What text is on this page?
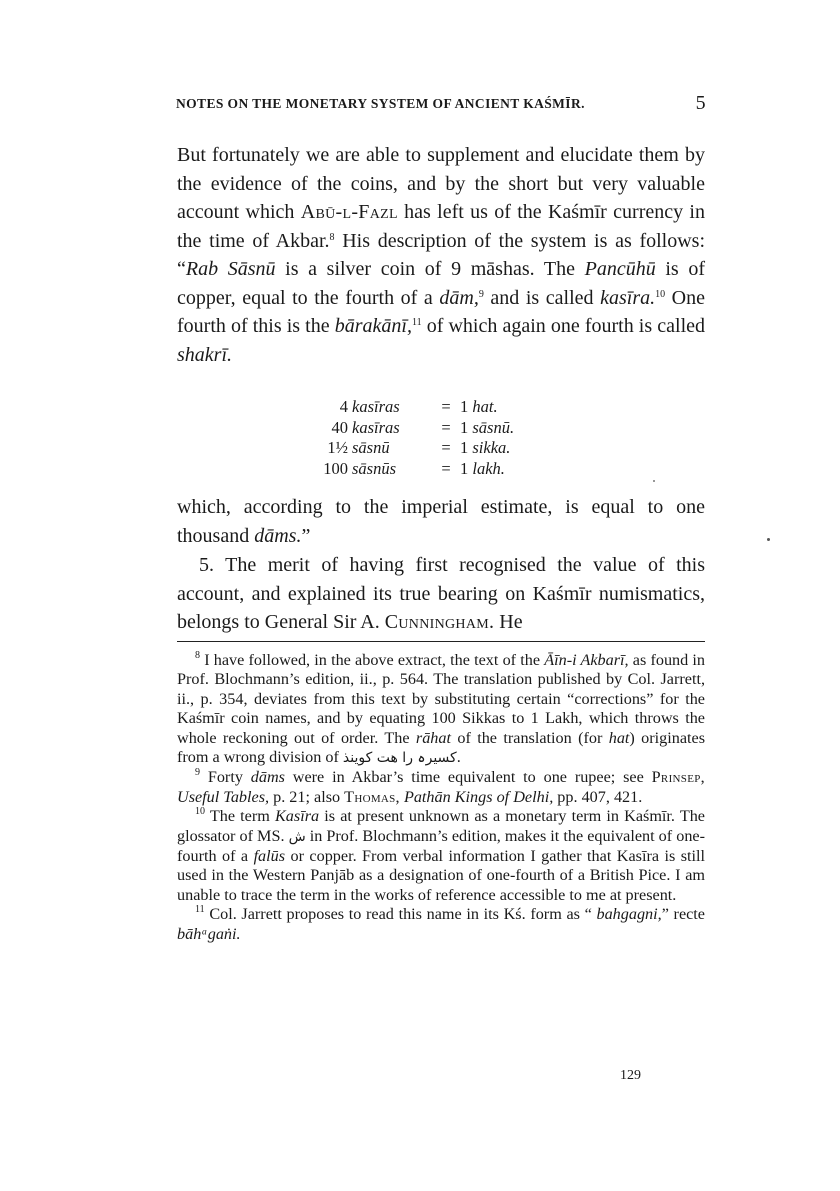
NOTES ON THE MONETARY SYSTEM OF ANCIENT KAŚMĪR.	5

But fortunately we are able to supplement and elucidate them by the evidence of the coins, and by the short but very valuable account which Abū-l-Fazl has left us of the Kaśmīr currency in the time of Akbar.$^8$ His description of the system is as follows: “Rab Sāsnū is a silver coin of 9 māshas. The Pancūhū is of copper, equal to the fourth of a dām,$^9$ and is called kasīra.$^{10}$ One fourth of this is the bārakānī,$^{11}$ of which again one fourth is called shakrī.

4 kasīras	= 1 hat.
40 kasīras	= 1 sāsnū.
1½ sāsnū	= 1 sikka.
100 sāsnūs	= 1 lakh.

which, according to the imperial estimate, is equal to one thousand dāms.”

5. The merit of having first recognised the value of this account, and explained its true bearing on Kaśmīr numismatics, belongs to General Sir A. Cunningham. He

$^8$ I have followed, in the above extract, the text of the Āīn-i Akbarī, as found in Prof. Blochmann’s edition, ii., p. 564. The translation published by Col. Jarrett, ii., p. 354, deviates from this text by substituting certain “corrections” for the Kaśmīr coin names, and by equating 100 Sikkas to 1 Lakh, which throws the whole reckoning out of order. The rāhat of the translation (for hat) originates from a wrong division of کسیرہ را ھت کوینذ.

$^9$ Forty dāms were in Akbar’s time equivalent to one rupee; see Prinsep, Useful Tables, p. 21; also Thomas, Pathān Kings of Delhi, pp. 407, 421.

$^{10}$ The term Kasīra is at present unknown as a monetary term in Kaśmīr. The glossator of MS. ش in Prof. Blochmann’s edition, makes it the equivalent of one-fourth of a falūs or copper. From verbal information I gather that Kasīra is still used in the Western Panjāb as a designation of one-fourth of a British Pice. I am unable to trace the term in the works of reference accessible to me at present.

$^{11}$ Col. Jarrett proposes to read this name in its Kś. form as “ bahgagni,” recte bāhᵃgaṅi.

129
